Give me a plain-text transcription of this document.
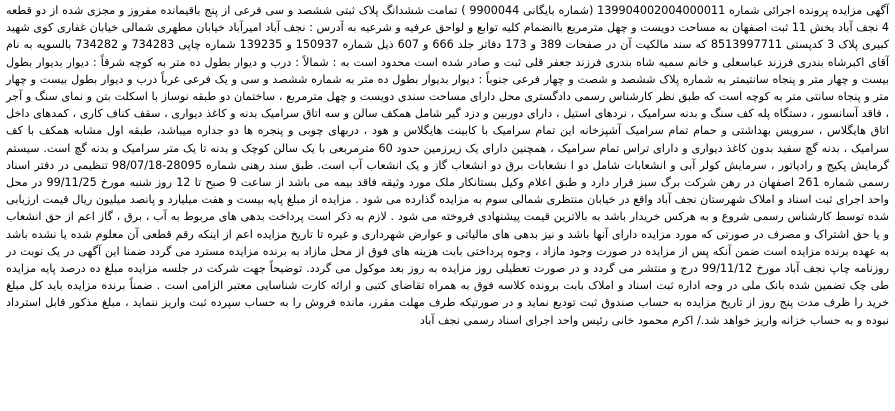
آگهی مزایده پرونده اجرائی شماره 139904002004000011 (شماره بایگانی 9900044 ) تمامت ششدانگ پلاک ثبتی ششصد و سی فرعی از پنج باقیمانده مفروز و مجزی شده از دو قطعه 4 نجف آباد بخش 11 ثبت اصفهان به مساحت دویست و چهل مترمربع باانضمام کلیه توابع و لواحق عرفیه و شرعیه به آدرس : نجف آباد امیرآباد خیابان مطهری شمالی خیابان غفاری کوی شهید کبیری پلاک 3 کدپستی 8513997711 که سند مالکیت آن در صفحات 389 و 173 دفاتر جلد 666 و 607 ذیل شماره 150937 و 139235 شماره چاپی 734283 و 734282 بالسویه به نام آقای اکبرشاه بندری فرزند عباسعلی و خانم سمیه شاه بندری فرزند جعفر قلی ثبت و صادر شده است محدود است به : شمالاً : درب و دیوار بطول ده متر به کوچه شرقاً : دیوار بدیوار بطول بیست و چهار متر و پنجاه سانتیمتر به شماره پلاک ششصد و شصت و چهار فرعی جنوباً : دیوار بدیوار بطول ده متر به شماره ششصد و سی و یک فرعی غرباً درب و دیوار بطول بیست و چهار متر و پنجاه سانتی متر به کوچه است که طبق نظر کارشناس رسمی دادگستری محل دارای مساحت سندی دویست و چهل مترمربع ، ساختمان دو طبقه نوساز با اسکلت بتن و نمای سنگ و آجر ، فاقد آسانسور ، دستگاه پله کف سنگ و بدنه سرامیک ، نردهای استیل ، دارای دوربین و دزد گیر شامل همکف سالن و سه اتاق سرامیک بدنه و کاغذ دیواری ، سقف کناف کاری ، کمدهای داخل اتاق هایگلاس ، سرویس بهداشتی و حمام تمام سرامیک آشپزخانه این تمام سرامیک با کابینت هایگلاس و هود ، دربهای چوبی و پنجره ها دو جداره میباشد، طبقه اول مشابه همکف با کف سرامیک ، بدنه گچ سفید بدون کاغذ دیواری و دارای تراس تمام سرامیک ، همچنین دارای یک زیرزمین حدود 60 مترمربعی با یک سالن کوچک و بدنه تا یک متر سرامیک و بدنه گچ است. سیستم گرمایش پکیج و رادیاتور ، سرمایش کولر آبی و انشعابات شامل دو ا نشعابات برق دو انشعاب گاز و یک انشعاب آب است. طبق سند رهنی شماره 28095-98/07/18 تنظیمی در دفتر اسناد رسمی شماره 261 اصفهان در رهن شرکت برگ سبز قرار دارد و طبق اعلام وکیل بستانکار ملک مورد وثیقه فاقد بیمه می باشد از ساعت 9 صبح تا 12 روز شنبه مورخ 99/11/25 در محل واحد اجرای ثبت اسناد و املاک شهرستان نجف آباد واقع در خیابان منتظری شمالی سوم به مزایده گذارده می شود . مزایده از مبلغ پایه بیست و هفت میلیارد و پانصد میلیون ریال قیمت ارزیابی شده توسط کارشناس رسمی شروع و به هرکس خریدار باشد به بالاترین قیمت پیشنهادی فروخته می شود . لازم به ذکر است پرداخت بدهی های مربوط به آب ، برق ، گاز اعم از حق انشعاب و یا حق اشتراک و مصرف در صورتی که مورد مزایده دارای آنها باشد و نیز بدهی های مالیاتی و عوارض شهرداری و غیره تا تاریخ مزایده اعم از اینکه رقم قطعی آن معلوم شده یا نشده باشد به عهده برنده مزایده است ضمن آنکه پس از مزایده در صورت وجود مازاد ، وجوه پرداختی بابت هزینه های فوق از محل مازاد به برنده مزایده مسترد می گردد ضمنا این آگهی در یک نوبت در روزنامه چاپ نجف آباد مورخ 99/11/12 درج و منتشر می گردد و در صورت تعطیلی روز مزایده به روز بعد موکول می گردد. توضیحاً جهت شرکت در جلسه مزایده مبلغ ده درصد پایه مزایده طی چک تضمین شده بانک ملی در وجه اداره ثبت اسناد و املاک بابت برونده کلاسه فوق به همراه تقاضای کتبی و ارائه کارت شناسایی معتبر الزامی است . ضمناً برنده مزایده باید کل مبلغ خرید را ظرف مدت پنج روز از تاریخ مزایده به حساب صندوق ثبت تودیع نماید و در صورتیکه طرف مهلت مقرر، مانده فروش را به حساب سپرده ثبت واریز ننماید ، مبلغ مذکور قابل استرداد نبوده و به حساب خزانه واریز خواهد شد./ اکرم محمود خانی رئیس واحد اجرای اسناد رسمی نجف آباد
